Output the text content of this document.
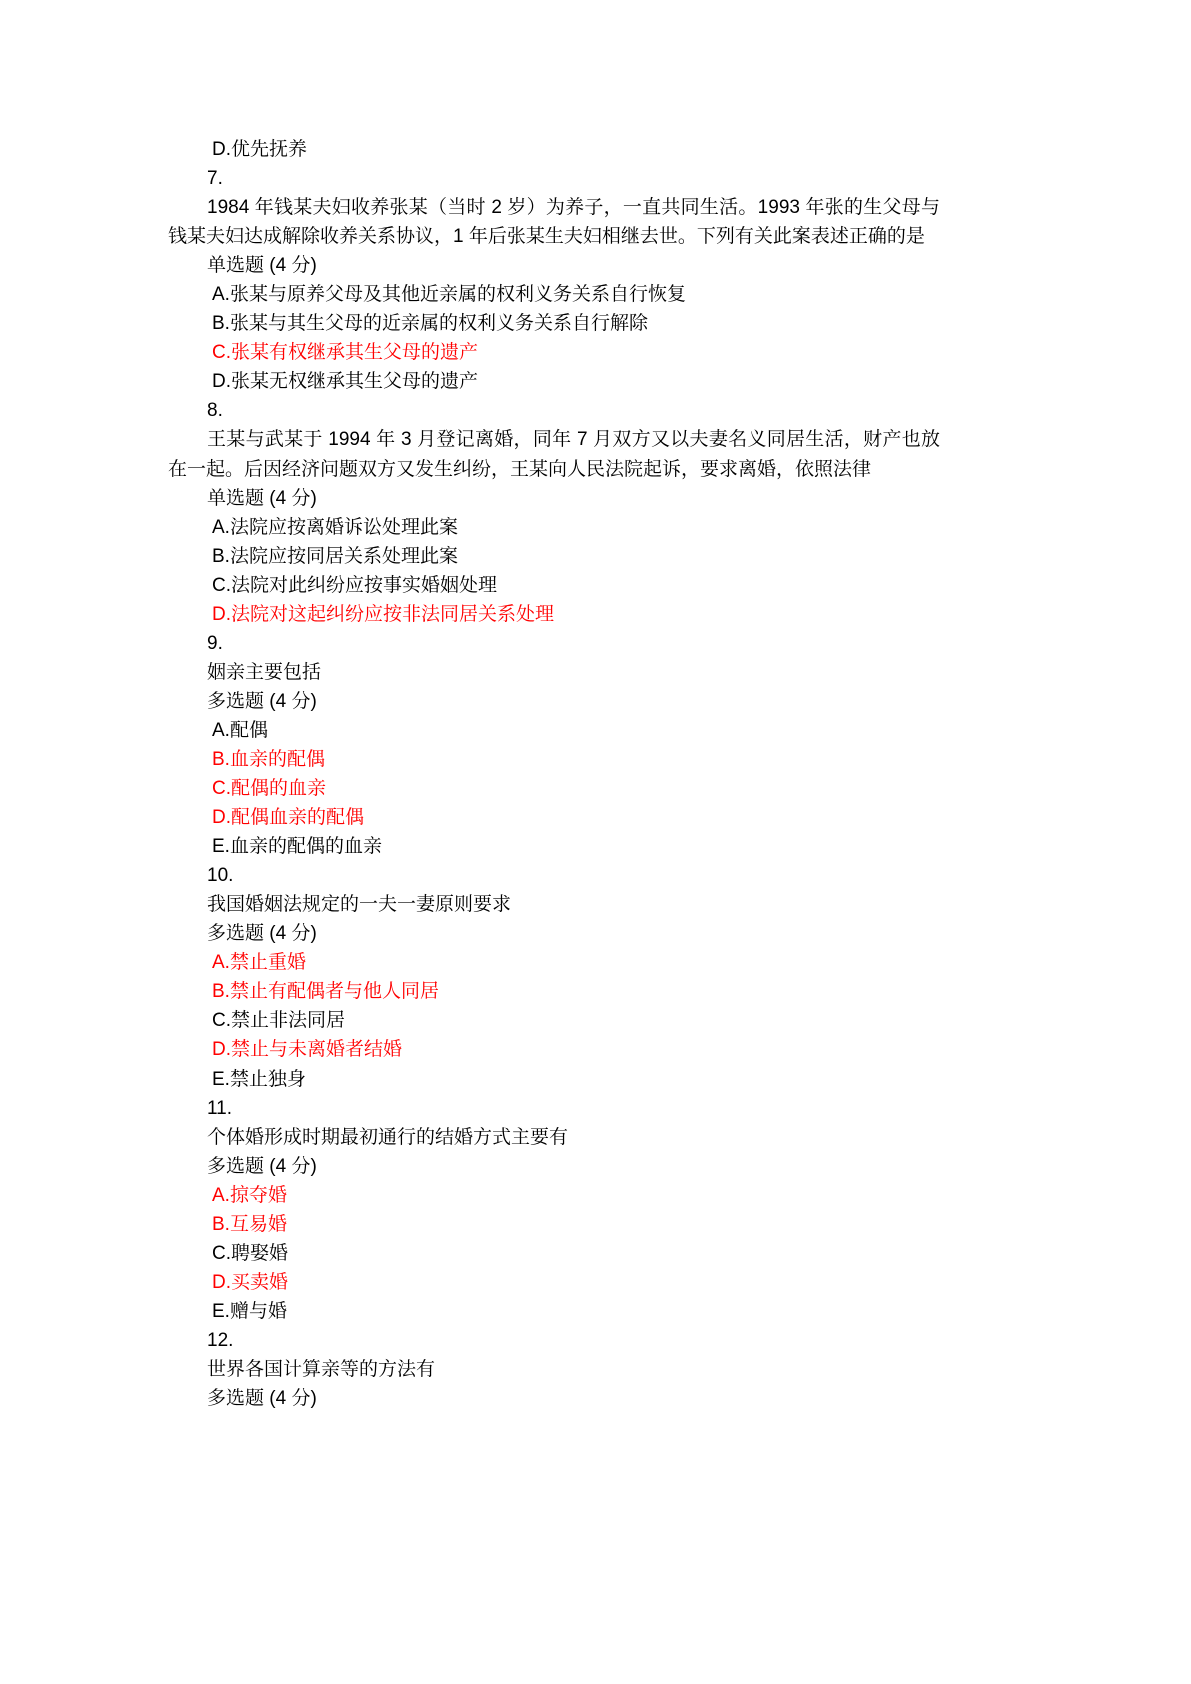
D.优先抚养
7.
1984 年钱某夫妇收养张某（当时 2 岁）为养子，一直共同生活。1993 年张的生父母与
钱某夫妇达成解除收养关系协议，1 年后张某生夫妇相继去世。下列有关此案表述正确的是
单选题 (4 分)
A.张某与原养父母及其他近亲属的权利义务关系自行恢复
B.张某与其生父母的近亲属的权利义务关系自行解除
C.张某有权继承其生父母的遗产
D.张某无权继承其生父母的遗产
8.
王某与武某于 1994 年 3 月登记离婚，同年 7 月双方又以夫妻名义同居生活，财产也放
在一起。后因经济问题双方又发生纠纷，王某向人民法院起诉，要求离婚，依照法律
单选题 (4 分)
A.法院应按离婚诉讼处理此案
B.法院应按同居关系处理此案
C.法院对此纠纷应按事实婚姻处理
D.法院对这起纠纷应按非法同居关系处理
9.
姻亲主要包括
多选题 (4 分)
A.配偶
B.血亲的配偶
C.配偶的血亲
D.配偶血亲的配偶
E.血亲的配偶的血亲
10.
我国婚姻法规定的一夫一妻原则要求
多选题 (4 分)
A.禁止重婚
B.禁止有配偶者与他人同居
C.禁止非法同居
D.禁止与未离婚者结婚
E.禁止独身
11.
个体婚形成时期最初通行的结婚方式主要有
多选题 (4 分)
A.掠夺婚
B.互易婚
C.聘娶婚
D.买卖婚
E.赠与婚
12.
世界各国计算亲等的方法有
多选题 (4 分)
